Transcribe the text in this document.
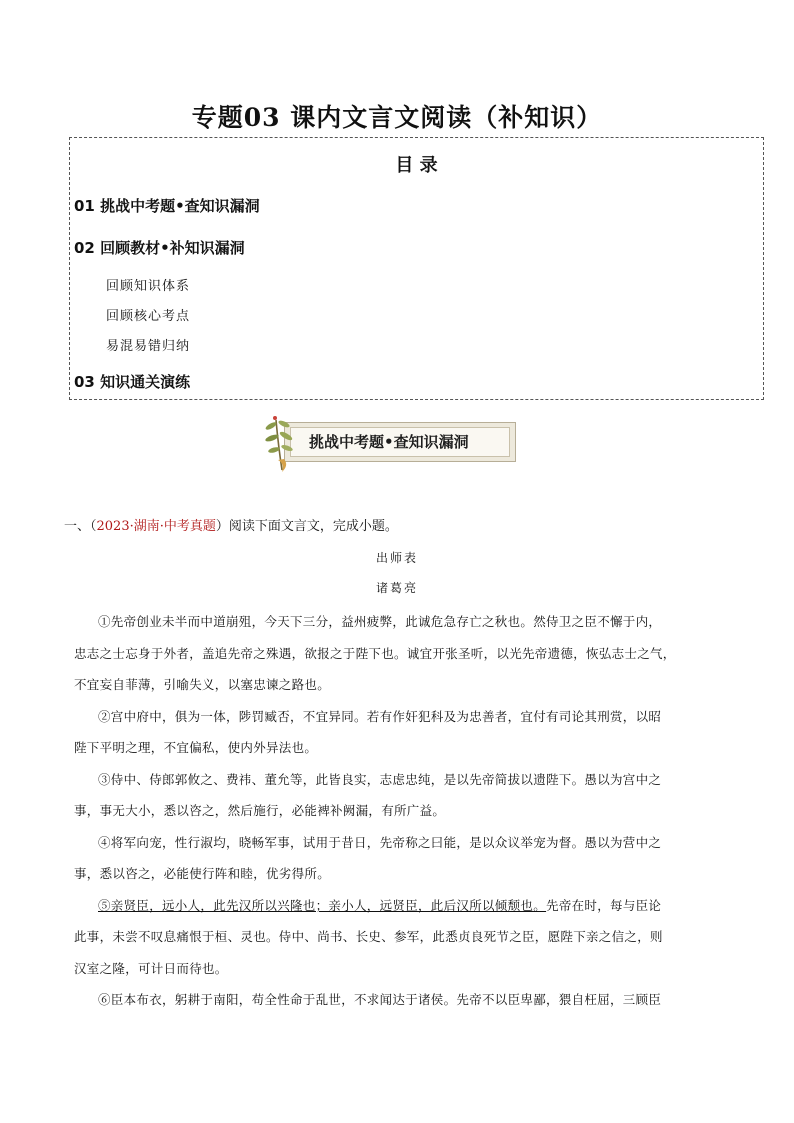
专题03 课内文言文阅读（补知识）
目 录
01 挑战中考题•查知识漏洞
02 回顾教材•补知识漏洞
回顾知识体系
回顾核心考点
易混易错归纳
03 知识通关演练
挑战中考题•查知识漏洞
一、（2023·湖南·中考真题）阅读下面文言文，完成小题。
出师表
诸葛亮
①先帝创业未半而中道崩殂，今天下三分，益州疲弊，此诚危急存亡之秋也。然侍卫之臣不懈于内，
忠志之士忘身于外者，盖追先帝之殊遇，欲报之于陛下也。诚宜开张圣听，以光先帝遗德，恢弘志士之气，
不宜妄自菲薄，引喻失义，以塞忠谏之路也。
②宫中府中，俱为一体，陟罚臧否，不宜异同。若有作奸犯科及为忠善者，宜付有司论其刑赏，以昭
陛下平明之理，不宜偏私，使内外异法也。
③侍中、侍郎郭攸之、费祎、董允等，此皆良实，志虑忠纯，是以先帝简拔以遗陛下。愚以为宫中之
事，事无大小，悉以咨之，然后施行，必能裨补阙漏，有所广益。
④将军向宠，性行淑均，晓畅军事，试用于昔日，先帝称之曰能，是以众议举宠为督。愚以为营中之
事，悉以咨之，必能使行阵和睦，优劣得所。
⑤亲贤臣，远小人，此先汉所以兴隆也；亲小人，远贤臣，此后汉所以倾颓也。先帝在时，每与臣论
此事，未尝不叹息痛恨于桓、灵也。侍中、尚书、长史、参军，此悉贞良死节之臣，愿陛下亲之信之，则
汉室之隆，可计日而待也。
⑥臣本布衣，躬耕于南阳，苟全性命于乱世，不求闻达于诸侯。先帝不以臣卑鄙，猥自枉屈，三顾臣
